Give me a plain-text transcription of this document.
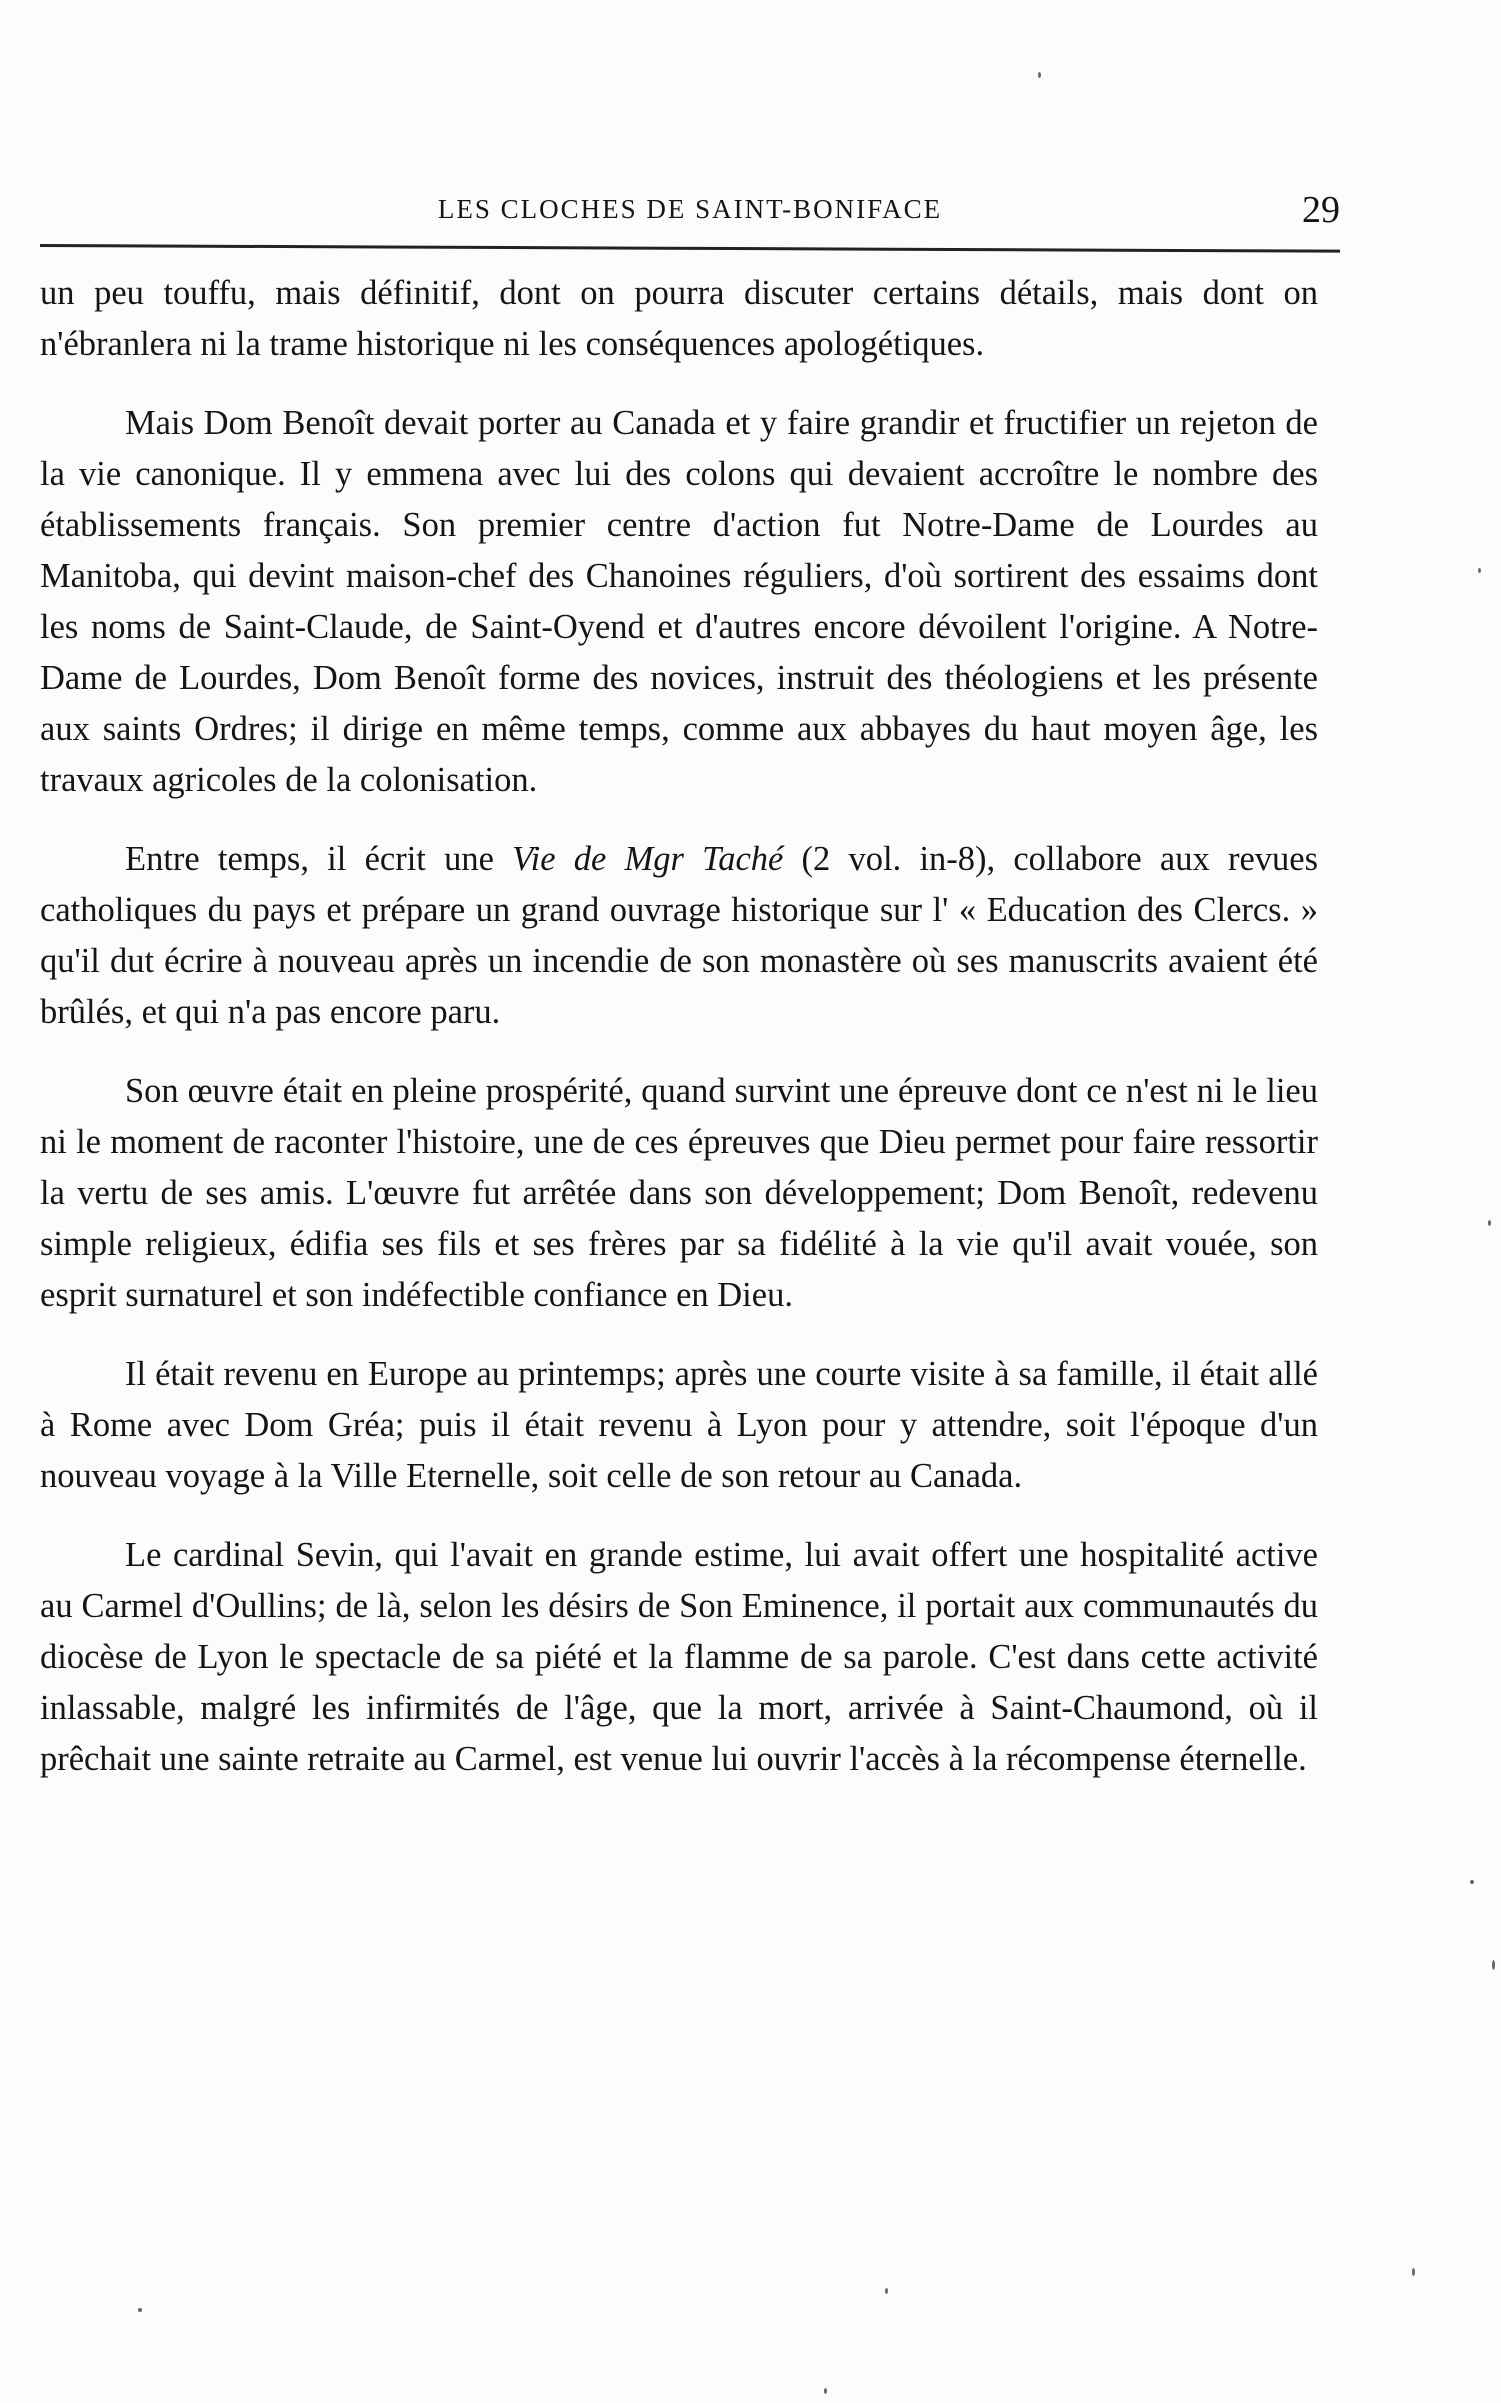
LES CLOCHES DE SAINT-BONIFACE	29

un peu touffu, mais définitif, dont on pourra discuter certains détails, mais dont on n'ébranlera ni la trame historique ni les conséquences apologétiques.

Mais Dom Benoît devait porter au Canada et y faire grandir et fructifier un rejeton de la vie canonique. Il y emmena avec lui des colons qui devaient accroître le nombre des établissements français. Son premier centre d'action fut Notre-Dame de Lourdes au Manitoba, qui devint maison-chef des Chanoines réguliers, d'où sortirent des essaims dont les noms de Saint-Claude, de Saint-Oyend et d'autres encore dévoilent l'origine. A Notre-Dame de Lourdes, Dom Benoît forme des novices, instruit des théologiens et les présente aux saints Ordres; il dirige en même temps, comme aux abbayes du haut moyen âge, les travaux agricoles de la colonisation.

Entre temps, il écrit une Vie de Mgr Taché (2 vol. in-8), collabore aux revues catholiques du pays et prépare un grand ouvrage historique sur l' « Education des Clercs. » qu'il dut écrire à nouveau après un incendie de son monastère où ses manuscrits avaient été brûlés, et qui n'a pas encore paru.

Son œuvre était en pleine prospérité, quand survint une épreuve dont ce n'est ni le lieu ni le moment de raconter l'histoire, une de ces épreuves que Dieu permet pour faire ressortir la vertu de ses amis. L'œuvre fut arrêtée dans son développement; Dom Benoît, redevenu simple religieux, édifia ses fils et ses frères par sa fidélité à la vie qu'il avait vouée, son esprit surnaturel et son indéfectible confiance en Dieu.

Il était revenu en Europe au printemps; après une courte visite à sa famille, il était allé à Rome avec Dom Gréa; puis il était revenu à Lyon pour y attendre, soit l'époque d'un nouveau voyage à la Ville Eternelle, soit celle de son retour au Canada.

Le cardinal Sevin, qui l'avait en grande estime, lui avait offert une hospitalité active au Carmel d'Oullins; de là, selon les désirs de Son Eminence, il portait aux communautés du diocèse de Lyon le spectacle de sa piété et la flamme de sa parole. C'est dans cette activité inlassable, malgré les infirmités de l'âge, que la mort, arrivée à Saint-Chaumond, où il prêchait une sainte retraite au Carmel, est venue lui ouvrir l'accès à la récompense éternelle.
